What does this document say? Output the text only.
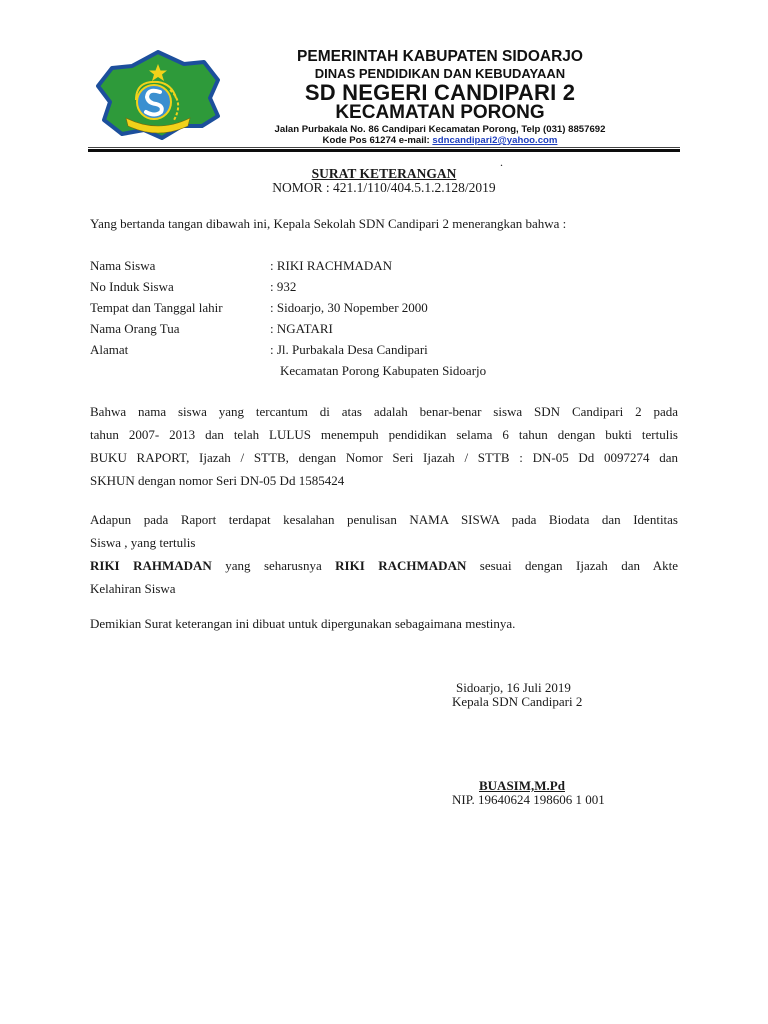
PEMERINTAH KABUPATEN SIDOARJO
DINAS PENDIDIKAN DAN KEBUDAYAAN
SD NEGERI CANDIPARI 2
KECAMATAN PORONG
Jalan Purbakala No. 86 Candipari Kecamatan Porong, Telp (031) 8857692
Kode Pos 61274 e-mail: sdncandipari2@yahoo.com
.
SURAT KETERANGAN
NOMOR : 421.1/110/404.5.1.2.128/2019
Yang bertanda tangan dibawah ini, Kepala Sekolah SDN Candipari 2 menerangkan bahwa :
Nama Siswa	: RIKI RACHMADAN
No Induk Siswa	: 932
Tempat dan Tanggal lahir	: Sidoarjo, 30 Nopember 2000
Nama Orang Tua	: NGATARI
Alamat	: Jl. Purbakala Desa Candipari
Kecamatan Porong Kabupaten Sidoarjo
Bahwa nama siswa yang tercantum di atas adalah benar-benar siswa SDN Candipari 2 pada
tahun 2007- 2013 dan telah LULUS menempuh pendidikan selama 6 tahun dengan bukti tertulis
BUKU RAPORT, Ijazah / STTB, dengan Nomor Seri Ijazah / STTB : DN-05 Dd 0097274 dan
SKHUN dengan nomor Seri DN-05 Dd 1585424
Adapun pada Raport terdapat kesalahan penulisan NAMA SISWA pada Biodata dan Identitas
Siswa , yang tertulis
RIKI RAHMADAN yang seharusnya RIKI RACHMADAN sesuai dengan Ijazah dan Akte
Kelahiran Siswa
Demikian Surat keterangan ini dibuat untuk dipergunakan sebagaimana mestinya.
Sidoarjo, 16 Juli 2019
Kepala SDN Candipari 2
BUASIM,M.Pd
NIP. 19640624 198606 1 001
